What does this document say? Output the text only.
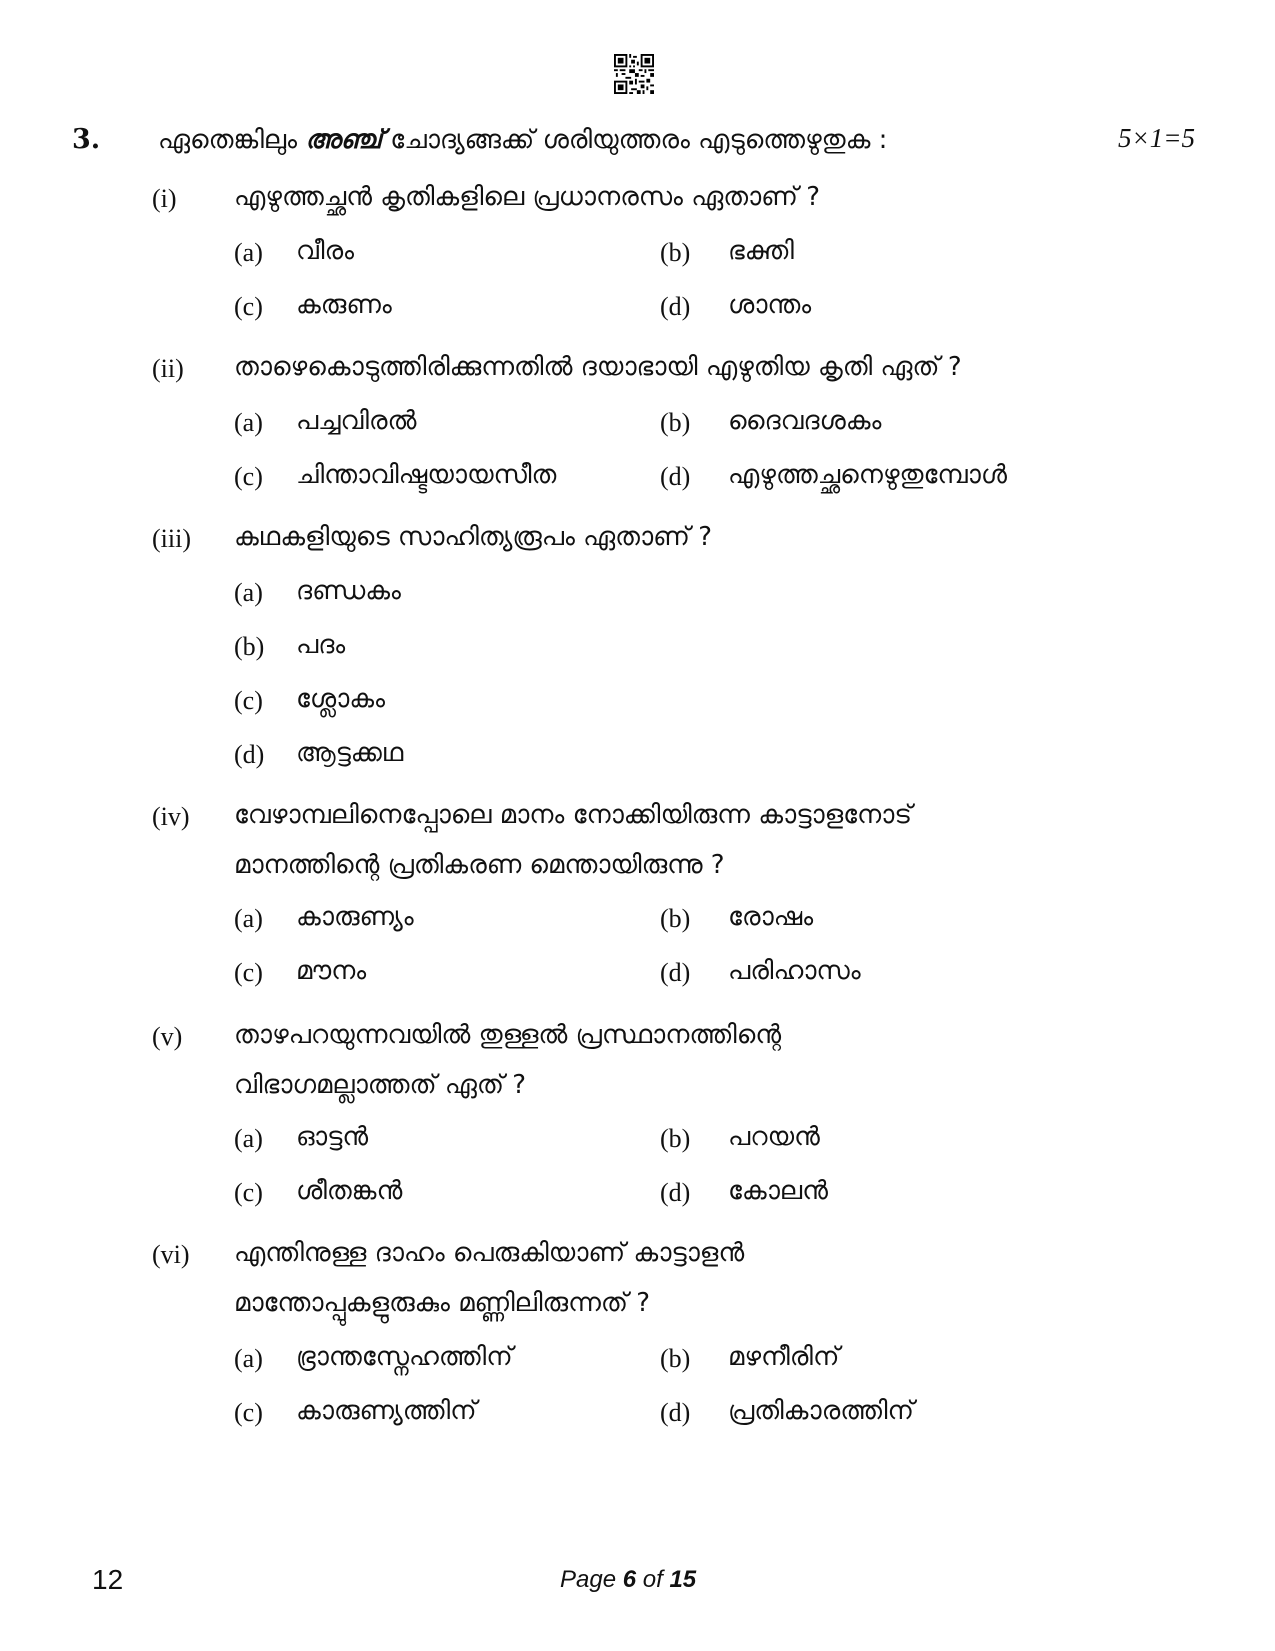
3. ഏതെങ്കിലും അഞ്ച് ചോദ്യങ്ങക്ക് ശരിയുത്തരം എടുത്തെഴുതുക :	5×1=5
(i) എഴുത്തച്ഛൻ കൃതികളിലെ പ്രധാനരസം ഏതാണ് ?
(a) വീരം	(b) ഭക്തി
(c) കരുണം	(d) ശാന്തം
(ii) താഴെകൊടുത്തിരിക്കുന്നതിൽ ദയാഭായി എഴുതിയ കൃതി ഏത് ?
(a) പച്ചവിരൽ	(b) ദൈവദശകം
(c) ചിന്താവിഷ്ടയായസീത	(d) എഴുത്തച്ഛനെഴുതുമ്പോൾ
(iii) കഥകളിയുടെ സാഹിത്യരൂപം ഏതാണ് ?
(a) ദണ്ഡകം
(b) പദം
(c) ശ്ലോകം
(d) ആട്ടക്കഥ
(iv) വേഴാമ്പലിനെപ്പോലെ മാനം നോക്കിയിരുന്ന കാട്ടാളനോട്
മാനത്തിന്റെ പ്രതികരണ മെന്തായിരുന്നു ?
(a) കാരുണ്യം	(b) രോഷം
(c) മൗനം	(d) പരിഹാസം
(v) താഴപറയുന്നവയിൽ തുള്ളൽ പ്രസ്ഥാനത്തിന്റെ
വിഭാഗമല്ലാത്തത് ഏത് ?
(a) ഓട്ടൻ	(b) പറയൻ
(c) ശീതങ്കൻ	(d) കോലൻ
(vi) എന്തിനുള്ള ദാഹം പെരുകിയാണ് കാട്ടാളൻ
മാന്തോപ്പുകളുരുകും മണ്ണിലിരുന്നത് ?
(a) ഭ്രാന്തസ്നേഹത്തിന്	(b) മഴനീരിന്
(c) കാരുണ്യത്തിന്	(d) പ്രതികാരത്തിന്
12	Page 6 of 15
